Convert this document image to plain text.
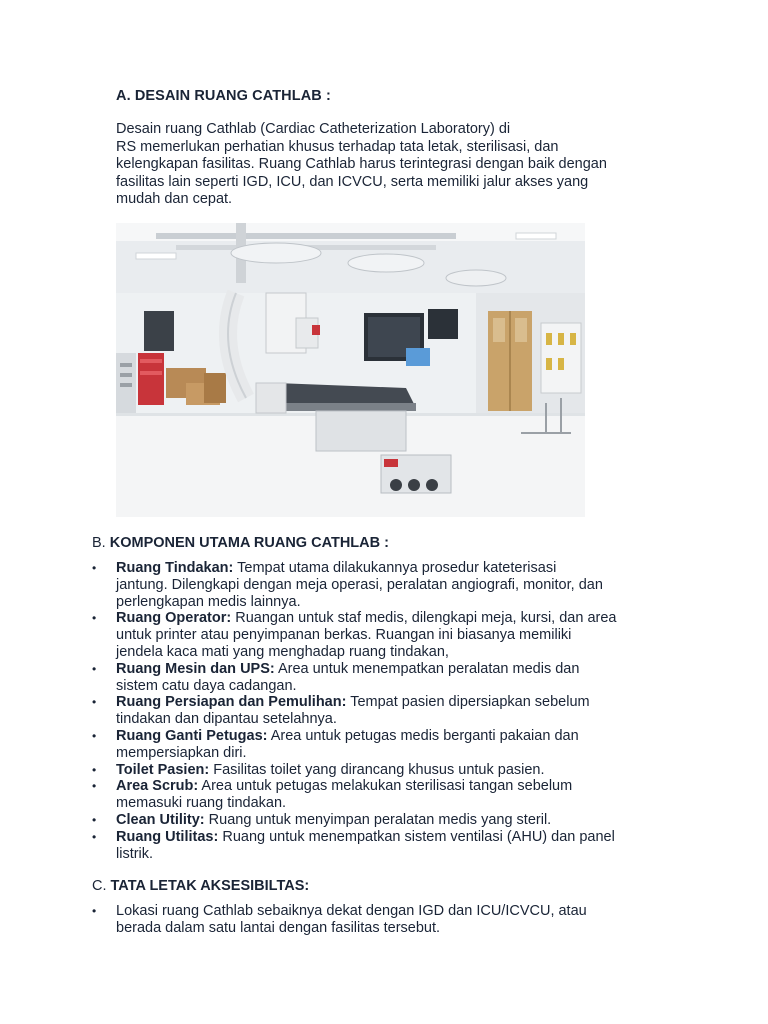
A. DESAIN RUANG CATHLAB :
Desain ruang Cathlab (Cardiac Catheterization Laboratory) di
RS memerlukan perhatian khusus terhadap tata letak, sterilisasi, dan
kelengkapan fasilitas. Ruang Cathlab harus terintegrasi dengan baik dengan
fasilitas lain seperti IGD, ICU, dan ICVCU, serta memiliki jalur akses yang
mudah dan cepat.
B. KOMPONEN UTAMA RUANG CATHLAB :
• Ruang Tindakan: Tempat utama dilakukannya prosedur kateterisasi
jantung. Dilengkapi dengan meja operasi, peralatan angiografi, monitor, dan
perlengkapan medis lainnya.
• Ruang Operator: Ruangan untuk staf medis, dilengkapi meja, kursi, dan area
untuk printer atau penyimpanan berkas. Ruangan ini biasanya memiliki
jendela kaca mati yang menghadap ruang tindakan,
• Ruang Mesin dan UPS: Area untuk menempatkan peralatan medis dan
sistem catu daya cadangan.
• Ruang Persiapan dan Pemulihan: Tempat pasien dipersiapkan sebelum
tindakan dan dipantau setelahnya.
• Ruang Ganti Petugas: Area untuk petugas medis berganti pakaian dan
mempersiapkan diri.
• Toilet Pasien: Fasilitas toilet yang dirancang khusus untuk pasien.
• Area Scrub: Area untuk petugas melakukan sterilisasi tangan sebelum
memasuki ruang tindakan.
• Clean Utility: Ruang untuk menyimpan peralatan medis yang steril.
• Ruang Utilitas: Ruang untuk menempatkan sistem ventilasi (AHU) dan panel
listrik.
C. TATA LETAK AKSESIBILTAS:
• Lokasi ruang Cathlab sebaiknya dekat dengan IGD dan ICU/ICVCU, atau
berada dalam satu lantai dengan fasilitas tersebut.
